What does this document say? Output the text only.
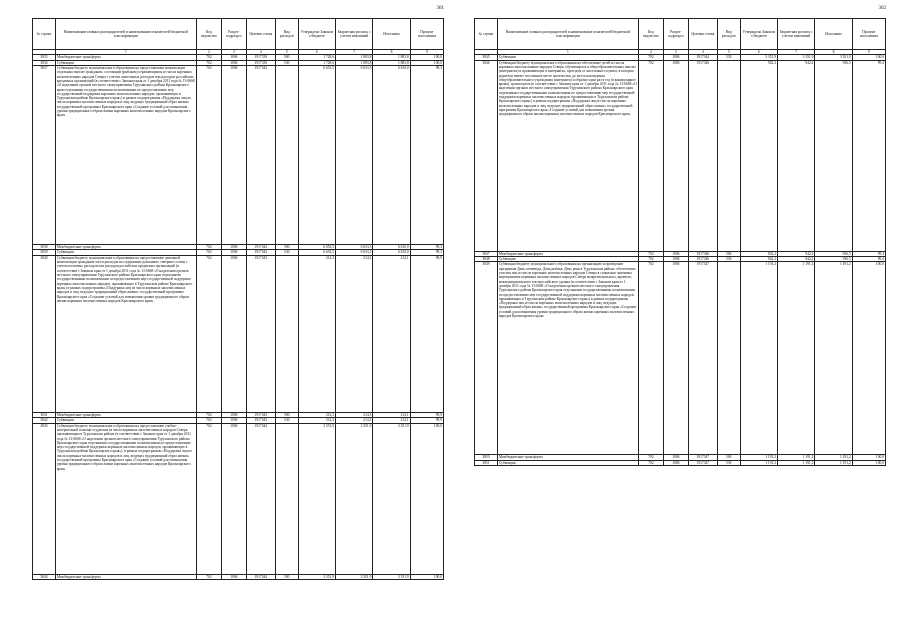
301
№ строки	Наименование главных распорядителей и наименование показателей бюджетной классификации	Код ведомства	Раздел-подраздел	Целевая статья	Вид расходов	Утверждено Законом о бюджете	Бюджетная роспись с учетом изменений	Исполнено	Процент исполнения
	1	2	3	4	5	6	7	8	9
3835	Межбюджетные трансферты	702	1006	1917339	500	1 728,6	1 883,8	1 883,8	100,0
3836	Субвенции	702	1006	1917339	530	1 728,6	1 883,8	1 883,8	100,0
3837	Субвенции бюджету муниципального образования на предоставление компенсации отдельных выплат гражданам, состоящим (рыбакам) отражающимся из числа коренных малочисленных народов Севера с учетом понесенных расходов или расходов российских кредитных организаций (в соответствии с Законом края от 1 декабря 2011 года № 13-6668 «О наделении органов местного самоуправления Туруханского района Красноярского края отдельными государственными полномочиями по предоставлению мер государственной поддержки коренных малочисленных народов, проживающих в Туруханском районе Красноярского края») в рамках подпрограммы «Поддержка лиц из числа коренных малочисленных народов и лиц, ведущих традиционный образ жизни» государственной программы Красноярского края «Создание условий для повышения уровня традиционного образа жизни коренных малочисленных народов Красноярского края»	702	1006	1917342		6 653,5	6 653,5	6 610,0	99,3
3838	Межбюджетные трансферты	702	1006	1917342	500	6 653,5	6 653,5	6 610,0	99,3
3839	Субвенции	702	1006	1917342	530	6 653,5	6 653,5	6 610,0	99,3
3840	Субвенции бюджету муниципального образования на предоставление денежной компенсации гражданам части расходов на содержание домашнего северного оленя с учетом почтовых расходов или расходов российских кредитных организаций (в соответствии с Законом края от 1 декабря 2011 года № 13-6668 «О наделении органов местного самоуправления Туруханского района Красноярского края отдельными государственными полномочиями по предоставлению мер государственной поддержки коренных малочисленных народов, проживающих в Туруханском районе Красноярского края») в рамках подпрограммы «Поддержка лиц из числа коренных малочисленных народов и лиц, ведущих традиционный образ жизни» государственной программы Красноярского края «Создание условий для повышения уровня традиционного образа жизни коренных малочисленных народов Красноярского края»	702	1006	1917343		214,3	214,3	214,1	99,9
3841	Межбюджетные трансферты	702	1006	1917343	500	214,3	214,3	214,1	99,9
3842	Субвенции	702	1006	1917343	530	214,3	214,3	214,1	99,9
3843	Субвенции бюджету муниципального образования на предоставление учебно-материальной помощи студентам из числа коренных малочисленных народов Севера, проживающим в Туруханском районе (в соответствии с Законом края от 1 декабря 2011 года № 13-6668 «О наделении органов местного самоуправления Туруханского района Красноярского края отдельными государственными полномочиями по предоставлению мер государственной поддержки коренных малочисленных народов, проживающих в Туруханском районе Красноярского края»), в рамках подпрограммы «Поддержка лиц из числа коренных малочисленных народов и лиц, ведущих традиционный образ жизни» государственной программы Красноярского края «Создание условий для повышения уровня традиционного образа жизни коренных малочисленных народов Красноярского края»	702	1006	1917344		3 351,9	3 351,9	3 351,9	100,0
3844	Межбюджетные трансферты	702	1006	1917344	500	3 351,9	3 351,9	3 351,9	100,0
302
№ строки	Наименование главных распорядителей и наименование показателей бюджетной классификации	Код ведомства	Раздел-подраздел	Целевая статья	Вид расходов	Утверждено Законом о бюджете	Бюджетная роспись с учетом изменений	Исполнено	Процент исполнения
	1	2	3	4	5	6	7	8	9
3845	Субвенции	702	1006	1917344	530	3 351,9	3 351,9	3 351,9	100,0
3846	Субвенции бюджету муниципального образования на обеспечение детей из числа коренных малочисленных народов Севера, обучающихся в общеобразовательных школах (интернатах) и проживающих в интернатах, проездом от населенного пункта, в котором родители имеют постоянное место жительства, до места нахождения общеобразовательного учреждения (интерната) и обратно один раз в год (в каникулярное время), транспортом (в соответствии с Законом края от 1 декабря 2011 года № 13-6668 «О наделении органов местного самоуправления Туруханского района Красноярского края отдельными государственными полномочиями по предоставлению мер государственной поддержки коренных малочисленных народов, проживающих в Туруханском районе Красноярского края») в рамках подпрограммы «Поддержка лиц из числа коренных малочисленных народов и лиц, ведущих традиционный образ жизни» государственной программы Красноярского края «Создание условий для повышения уровня традиционного образа жизни коренных малочисленных народов Красноярского края»	702	1006	1917346		942,2	942,2	936,5	99,4
3847	Межбюджетные трансферты	702	1006	1917346	500	942,2	942,2	936,5	99,4
3848	Субвенции	702	1006	1917346	530	942,2	942,2	936,5	99,4
3849	Субвенции бюджету муниципального образования на организацию и проведение праздников День оленевода, День рыбака, День реки в Туруханском районе, обеспечение участия лиц из числа коренных малочисленных народов Севера в социально значимых мероприятиях коренных малочисленных народов Севера межрегионального, краевого, межмуниципального и всероссийского уровня (в соответствии с Законом края от 1 декабря 2011 года № 13-6668 «О наделении органов местного самоуправления Туруханского района Красноярского края отдельными государственными полномочиями по предоставлению мер государственной поддержки коренных малочисленных народов, проживающих в Туруханском районе Красноярского края») в рамках подпрограммы «Поддержка лиц из числа коренных малочисленных народов и лиц, ведущих традиционный образ жизни» государственной программы Красноярского края «Создание условий для повышения уровня традиционного образа жизни коренных малочисленных народов Красноярского края»	702	1006	1917347		1 191,2	1 191,2	1 191,2	100,0
3850	Межбюджетные трансферты	702	1006	1917347	500	1 191,2	1 191,2	1 191,2	100,0
3851	Субвенции	702	1006	1917347	530	1 191,2	1 191,2	1 191,2	100,0
